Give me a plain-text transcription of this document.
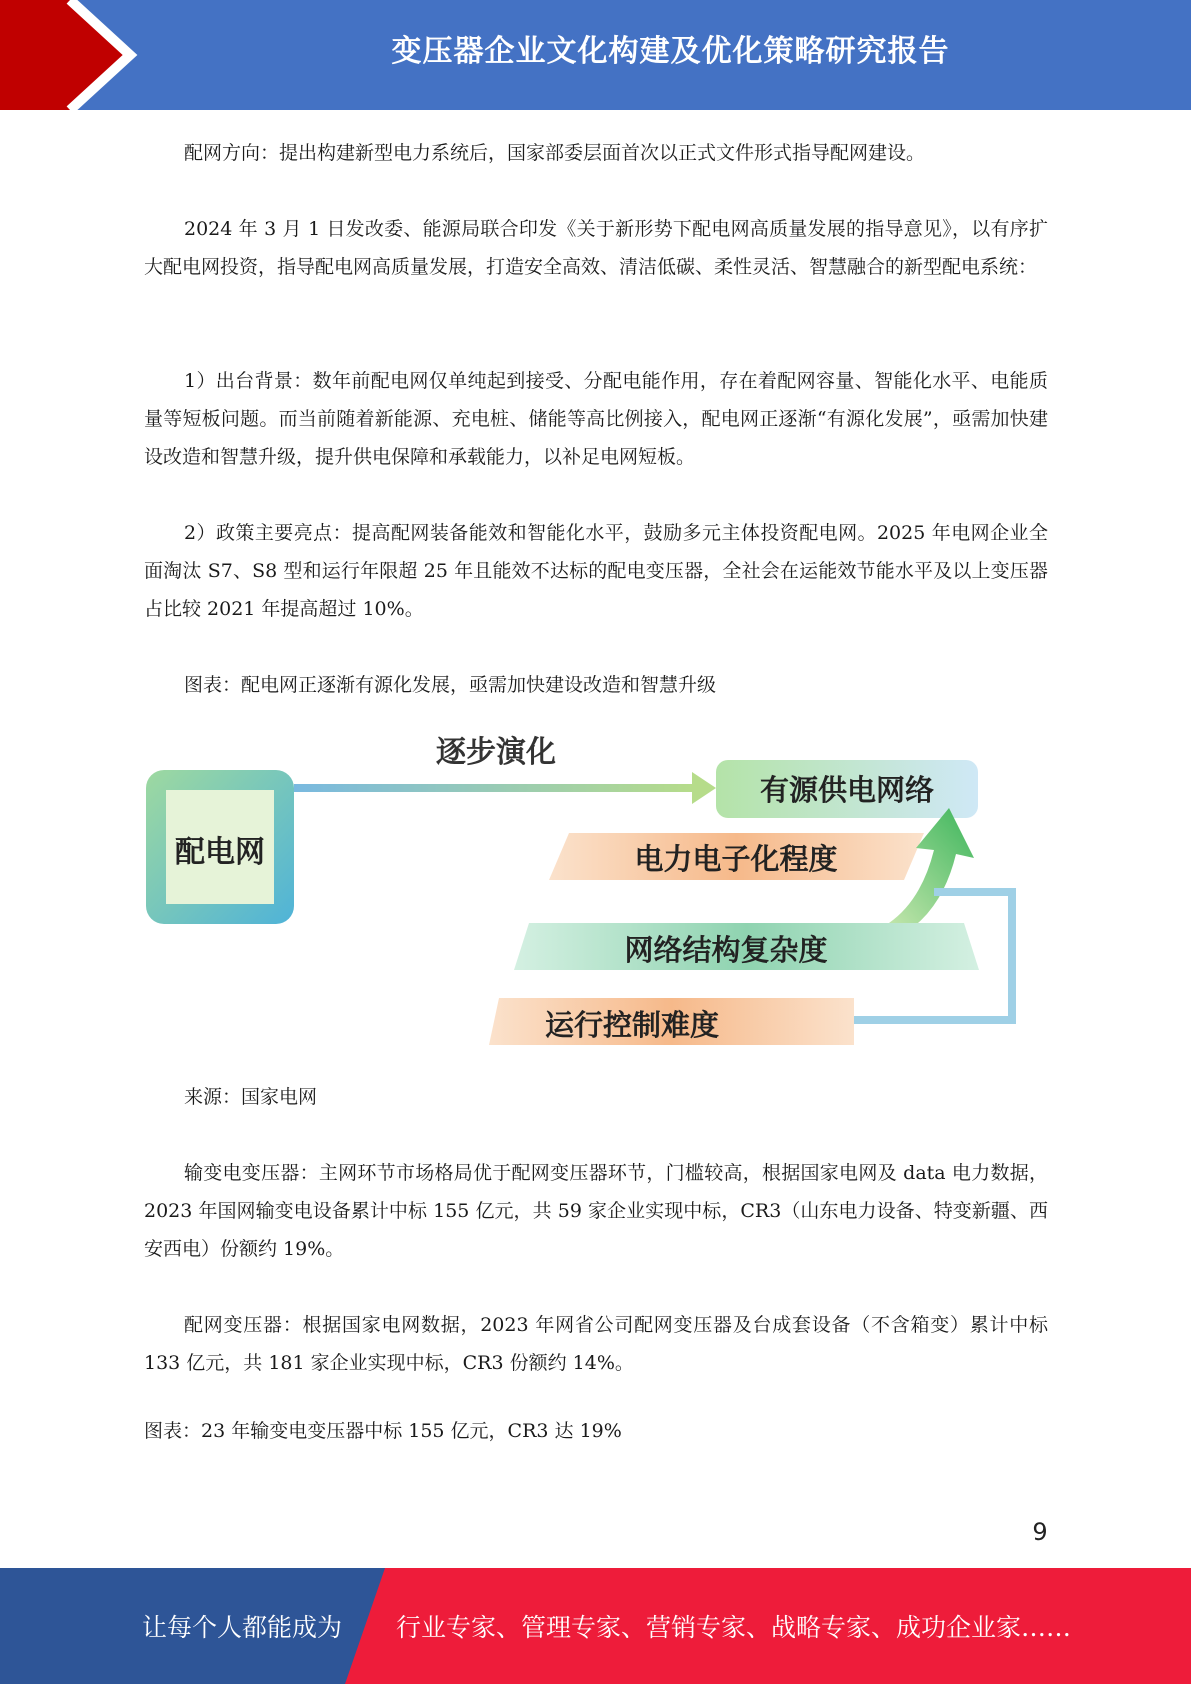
变压器企业文化构建及优化策略研究报告

配网方向：提出构建新型电力系统后，国家部委层面首次以正式文件形式指导配网建设。

2024 年 3 月 1 日发改委、能源局联合印发《关于新形势下配电网高质量发展的指导意见》，以有序扩大配电网投资，指导配电网高质量发展，打造安全高效、清洁低碳、柔性灵活、智慧融合的新型配电系统：

1）出台背景：数年前配电网仅单纯起到接受、分配电能作用，存在着配网容量、智能化水平、电能质量等短板问题。而当前随着新能源、充电桩、储能等高比例接入，配电网正逐渐“有源化发展”，亟需加快建设改造和智慧升级，提升供电保障和承载能力，以补足电网短板。

2）政策主要亮点：提高配网装备能效和智能化水平，鼓励多元主体投资配电网。2025 年电网企业全面淘汰 S7、S8 型和运行年限超 25 年且能效不达标的配电变压器，全社会在运能效节能水平及以上变压器占比较 2021 年提高超过 10%。

图表：配电网正逐渐有源化发展，亟需加快建设改造和智慧升级

配电网
逐步演化
有源供电网络
电力电子化程度
网络结构复杂度
运行控制难度

来源：国家电网

输变电变压器：主网环节市场格局优于配网变压器环节，门槛较高，根据国家电网及 data 电力数据，2023 年国网输变电设备累计中标 155 亿元，共 59 家企业实现中标，CR3（山东电力设备、特变新疆、西安西电）份额约 19%。

配网变压器：根据国家电网数据，2023 年网省公司配网变压器及台成套设备（不含箱变）累计中标 133 亿元，共 181 家企业实现中标，CR3 份额约 14%。

图表：23 年输变电变压器中标 155 亿元，CR3 达 19%

9
让每个人都能成为 行业专家、管理专家、营销专家、战略专家、成功企业家……
